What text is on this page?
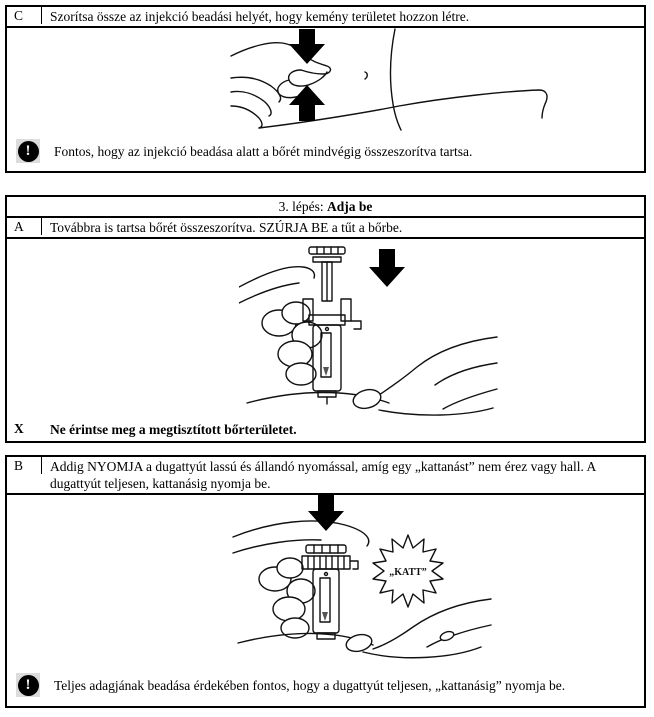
C	Szorítsa össze az injekció beadási helyét, hogy kemény területet hozzon létre.
!	Fontos, hogy az injekció beadása alatt a bőrét mindvégig összeszorítva tartsa.
3. lépés: Adja be
A	Továbbra is tartsa bőrét összeszorítva. SZÚRJA BE a tűt a bőrbe.
X	Ne érintse meg a megtisztított bőrterületet.
B	Addig NYOMJA a dugattyút lassú és állandó nyomással, amíg egy „kattanást” nem érez vagy hall. A dugattyút teljesen, kattanásig nyomja be.
„KATT”
!	Teljes adagjának beadása érdekében fontos, hogy a dugattyút teljesen, „kattanásig” nyomja be.
